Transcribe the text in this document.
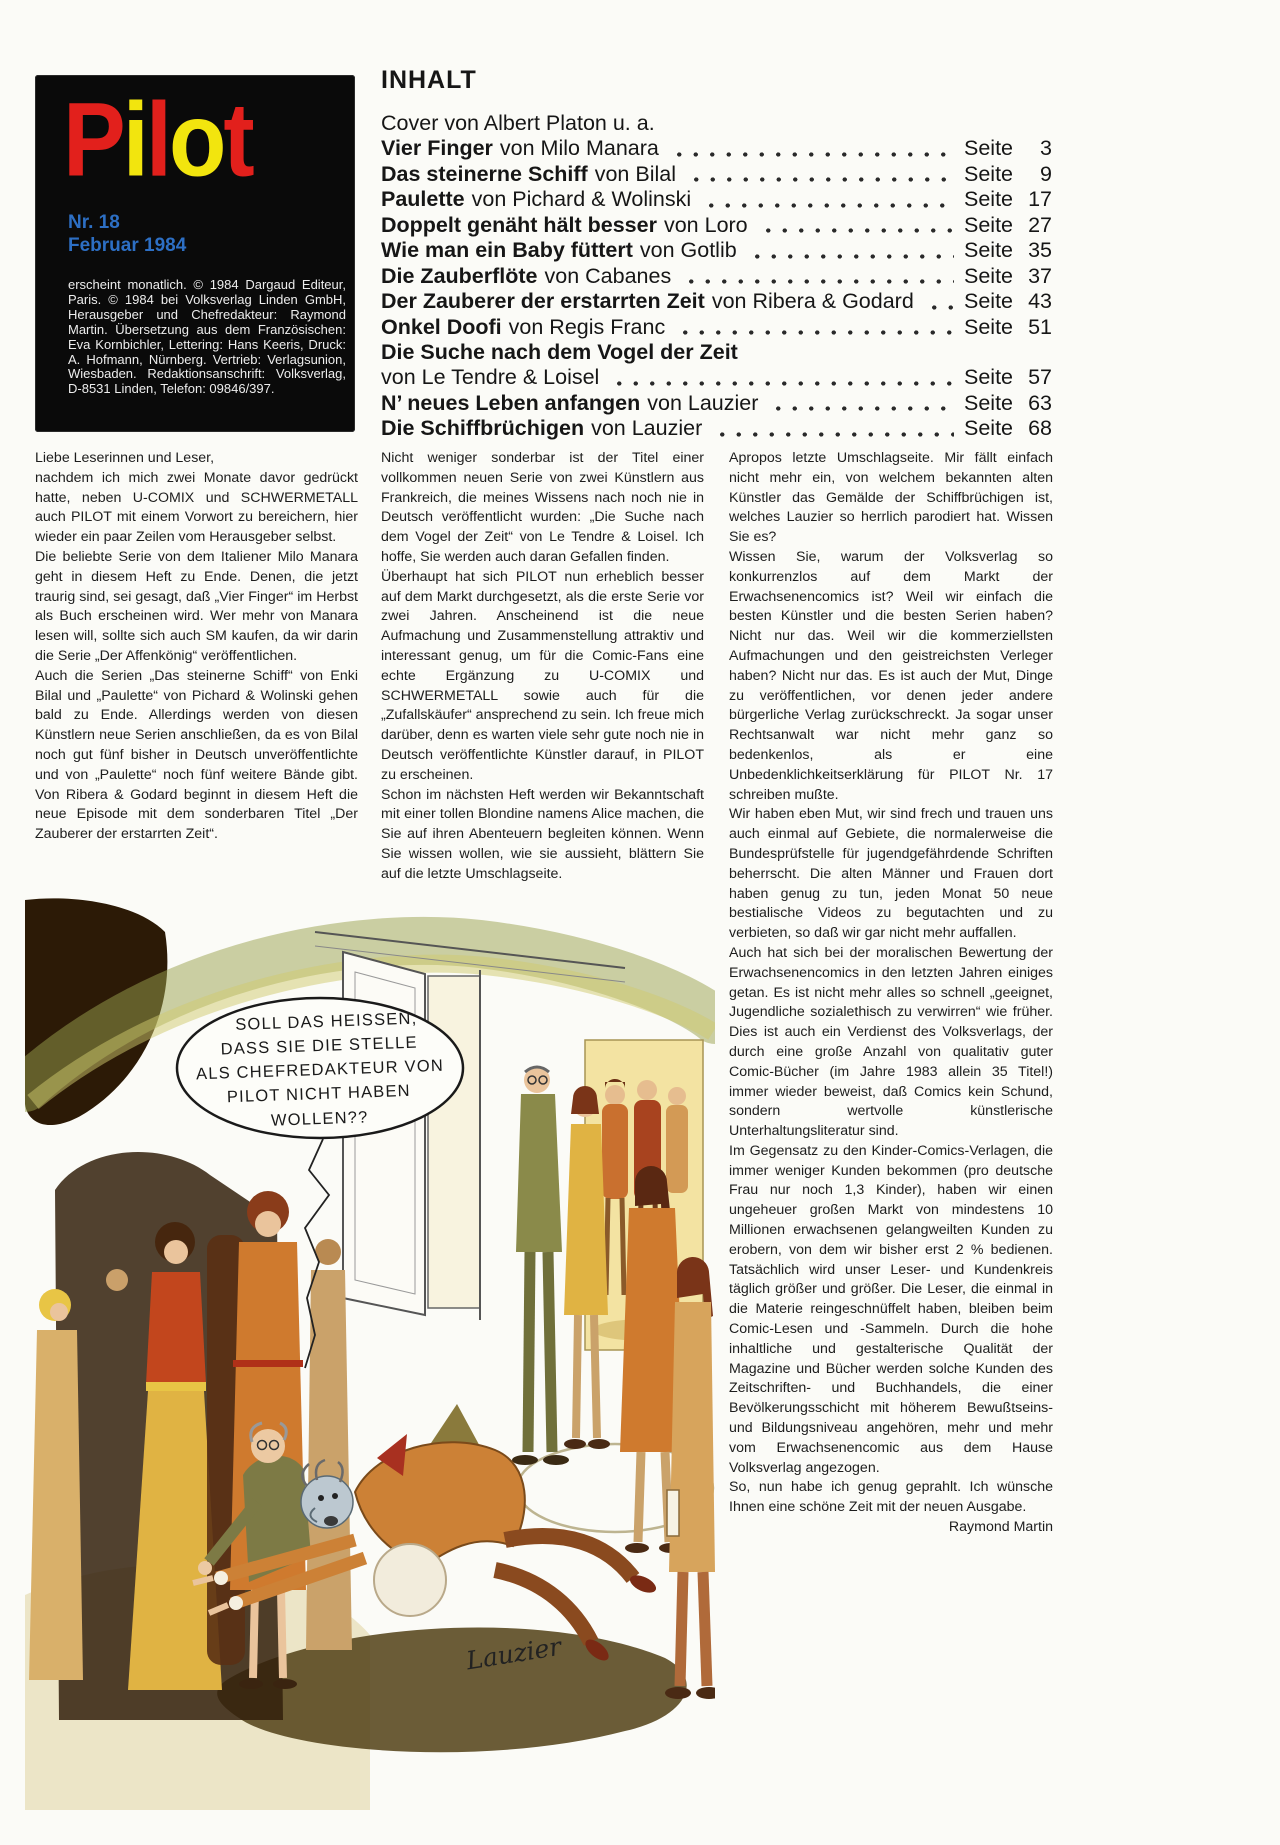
Pilot
Nr. 18
Februar 1984
erscheint monatlich. © 1984 Dargaud Editeur, Paris. © 1984 bei Volksverlag Linden GmbH, Herausgeber und Chefredakteur: Raymond Martin. Übersetzung aus dem Französischen: Eva Kornbichler, Lettering: Hans Keeris, Druck: A. Hofmann, Nürnberg. Vertrieb: Verlagsunion, Wiesbaden. Redaktionsanschrift: Volksverlag, D-8531 Linden, Telefon: 09846/397.
INHALT
Cover von Albert Platon u. a.
Vier Finger von Milo Manara	Seite 3
Das steinerne Schiff von Bilal	Seite 9
Paulette von Pichard & Wolinski	Seite 17
Doppelt genäht hält besser von Loro	Seite 27
Wie man ein Baby füttert von Gotlib	Seite 35
Die Zauberflöte von Cabanes	Seite 37
Der Zauberer der erstarrten Zeit von Ribera & Godard Seite 43
Onkel Doofi von Regis Franc	Seite 51
Die Suche nach dem Vogel der Zeit
von Le Tendre & Loisel	Seite 57
N’ neues Leben anfangen von Lauzier	Seite 63
Die Schiffbrüchigen von Lauzier	Seite 68

Liebe Leserinnen und Leser,

nachdem ich mich zwei Monate davor gedrückt hatte, neben U-COMIX und SCHWERMETALL auch PILOT mit einem Vorwort zu bereichern, hier wieder ein paar Zeilen vom Herausgeber selbst.

Die beliebte Serie von dem Italiener Milo Manara geht in diesem Heft zu Ende. Denen, die jetzt traurig sind, sei gesagt, daß „Vier Finger“ im Herbst als Buch erscheinen wird. Wer mehr von Manara lesen will, sollte sich auch SM kaufen, da wir darin die Serie „Der Affenkönig“ veröffentlichen.

Auch die Serien „Das steinerne Schiff“ von Enki Bilal und „Paulette“ von Pichard & Wolinski gehen bald zu Ende. Allerdings werden von diesen Künstlern neue Serien anschließen, da es von Bilal noch gut fünf bisher in Deutsch unveröffentlichte und von „Paulette“ noch fünf weitere Bände gibt. Von Ribera & Godard beginnt in diesem Heft die neue Episode mit dem sonderbaren Titel „Der Zauberer der erstarrten Zeit“.

Nicht weniger sonderbar ist der Titel einer vollkommen neuen Serie von zwei Künstlern aus Frankreich, die meines Wissens nach noch nie in Deutsch veröffentlicht wurden: „Die Suche nach dem Vogel der Zeit“ von Le Tendre & Loisel. Ich hoffe, Sie werden auch daran Gefallen finden.

Überhaupt hat sich PILOT nun erheblich besser auf dem Markt durchgesetzt, als die erste Serie vor zwei Jahren. Anscheinend ist die neue Aufmachung und Zusammenstellung attraktiv und interessant genug, um für die Comic-Fans eine echte Ergänzung zu U-COMIX und SCHWERMETALL sowie auch für die „Zufallskäufer“ ansprechend zu sein. Ich freue mich darüber, denn es warten viele sehr gute noch nie in Deutsch veröffentlichte Künstler darauf, in PILOT zu erscheinen.

Schon im nächsten Heft werden wir Bekanntschaft mit einer tollen Blondine namens Alice machen, die Sie auf ihren Abenteuern begleiten können. Wenn Sie wissen wollen, wie sie aussieht, blättern Sie auf die letzte Umschlagseite.

Apropos letzte Umschlagseite. Mir fällt einfach nicht mehr ein, von welchem bekannten alten Künstler das Gemälde der Schiffbrüchigen ist, welches Lauzier so herrlich parodiert hat. Wissen Sie es?

Wissen Sie, warum der Volksverlag so konkurrenzlos auf dem Markt der Erwachsenencomics ist? Weil wir einfach die besten Künstler und die besten Serien haben? Nicht nur das. Weil wir die kommerziellsten Aufmachungen und den geistreichsten Verleger haben? Nicht nur das. Es ist auch der Mut, Dinge zu veröffentlichen, vor denen jeder andere bürgerliche Verlag zurückschreckt. Ja sogar unser Rechtsanwalt war nicht mehr ganz so bedenkenlos, als er eine Unbedenklichkeitserklärung für PILOT Nr. 17 schreiben mußte.

Wir haben eben Mut, wir sind frech und trauen uns auch einmal auf Gebiete, die normalerweise die Bundesprüfstelle für jugendgefährdende Schriften beherrscht. Die alten Männer und Frauen dort haben genug zu tun, jeden Monat 50 neue bestialische Videos zu begutachten und zu verbieten, so daß wir gar nicht mehr auffallen.

Auch hat sich bei der moralischen Bewertung der Erwachsenencomics in den letzten Jahren einiges getan. Es ist nicht mehr alles so schnell „geeignet, Jugendliche sozialethisch zu verwirren“ wie früher. Dies ist auch ein Verdienst des Volksverlags, der durch eine große Anzahl von qualitativ guter Comic-Bücher (im Jahre 1983 allein 35 Titel!) immer wieder beweist, daß Comics kein Schund, sondern wertvolle künstlerische Unterhaltungsliteratur sind.

Im Gegensatz zu den Kinder-Comics-Verlagen, die immer weniger Kunden bekommen (pro deutsche Frau nur noch 1,3 Kinder), haben wir einen ungeheuer großen Markt von mindestens 10 Millionen erwachsenen gelangweilten Kunden zu erobern, von dem wir bisher erst 2 % bedienen. Tatsächlich wird unser Leser- und Kundenkreis täglich größer und größer. Die Leser, die einmal in die Materie reingeschnüffelt haben, bleiben beim Comic-Lesen und -Sammeln. Durch die hohe inhaltliche und gestalterische Qualität der Magazine und Bücher werden solche Kunden des Zeitschriften- und Buchhandels, die einer Bevölkerungsschicht mit höherem Bewußtseins- und Bildungsniveau angehören, mehr und mehr vom Erwachsenencomic aus dem Hause Volksverlag angezogen.

So, nun habe ich genug geprahlt. Ich wünsche Ihnen eine schöne Zeit mit der neuen Ausgabe.

Raymond Martin

SOLL DAS HEISSEN,
DASS SIE DIE STELLE
ALS CHEFREDAKTEUR VON
PILOT NICHT HABEN
WOLLEN??
Lauzier
